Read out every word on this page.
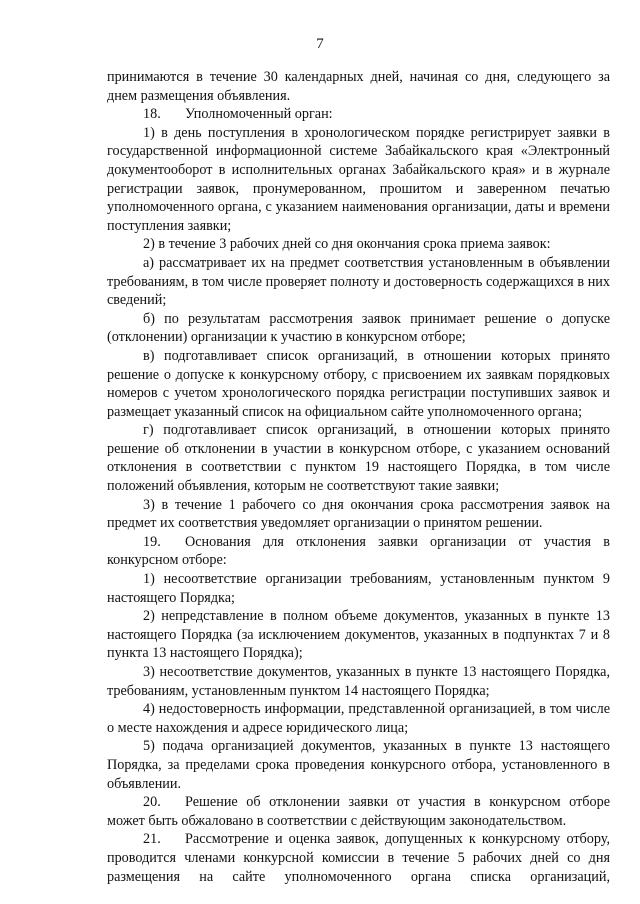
7

принимаются в течение 30 календарных дней, начиная со дня, следующего за днем размещения объявления.

18. Уполномоченный орган:

1) в день поступления в хронологическом порядке регистрирует заявки в государственной информационной системе Забайкальского края «Электронный документооборот в исполнительных органах Забайкальского края» и в журнале регистрации заявок, пронумерованном, прошитом и заверенном печатью уполномоченного органа, с указанием наименования организации, даты и времени поступления заявки;

2) в течение 3 рабочих дней со дня окончания срока приема заявок:

а) рассматривает их на предмет соответствия установленным в объявлении требованиям, в том числе проверяет полноту и достоверность содержащихся в них сведений;

б) по результатам рассмотрения заявок принимает решение о допуске (отклонении) организации к участию в конкурсном отборе;

в) подготавливает список организаций, в отношении которых принято решение о допуске к конкурсному отбору, с присвоением их заявкам порядковых номеров с учетом хронологического порядка регистрации поступивших заявок и размещает указанный список на официальном сайте уполномоченного органа;

г) подготавливает список организаций, в отношении которых принято решение об отклонении в участии в конкурсном отборе, с указанием оснований отклонения в соответствии с пунктом 19 настоящего Порядка, в том числе положений объявления, которым не соответствуют такие заявки;

3) в течение 1 рабочего со дня окончания срока рассмотрения заявок на предмет их соответствия уведомляет организации о принятом решении.

19. Основания для отклонения заявки организации от участия в конкурсном отборе:

1) несоответствие организации требованиям, установленным пунктом 9 настоящего Порядка;

2) непредставление в полном объеме документов, указанных в пункте 13 настоящего Порядка (за исключением документов, указанных в подпунктах 7 и 8 пункта 13 настоящего Порядка);

3) несоответствие документов, указанных в пункте 13 настоящего Порядка, требованиям, установленным пунктом 14 настоящего Порядка;

4) недостоверность информации, представленной организацией, в том числе о месте нахождения и адресе юридического лица;

5) подача организацией документов, указанных в пункте 13 настоящего Порядка, за пределами срока проведения конкурсного отбора, установленного в объявлении.

20. Решение об отклонении заявки от участия в конкурсном отборе может быть обжаловано в соответствии с действующим законодательством.

21. Рассмотрение и оценка заявок, допущенных к конкурсному отбору, проводится членами конкурсной комиссии в течение 5 рабочих дней со дня размещения на сайте уполномоченного органа списка организаций,
